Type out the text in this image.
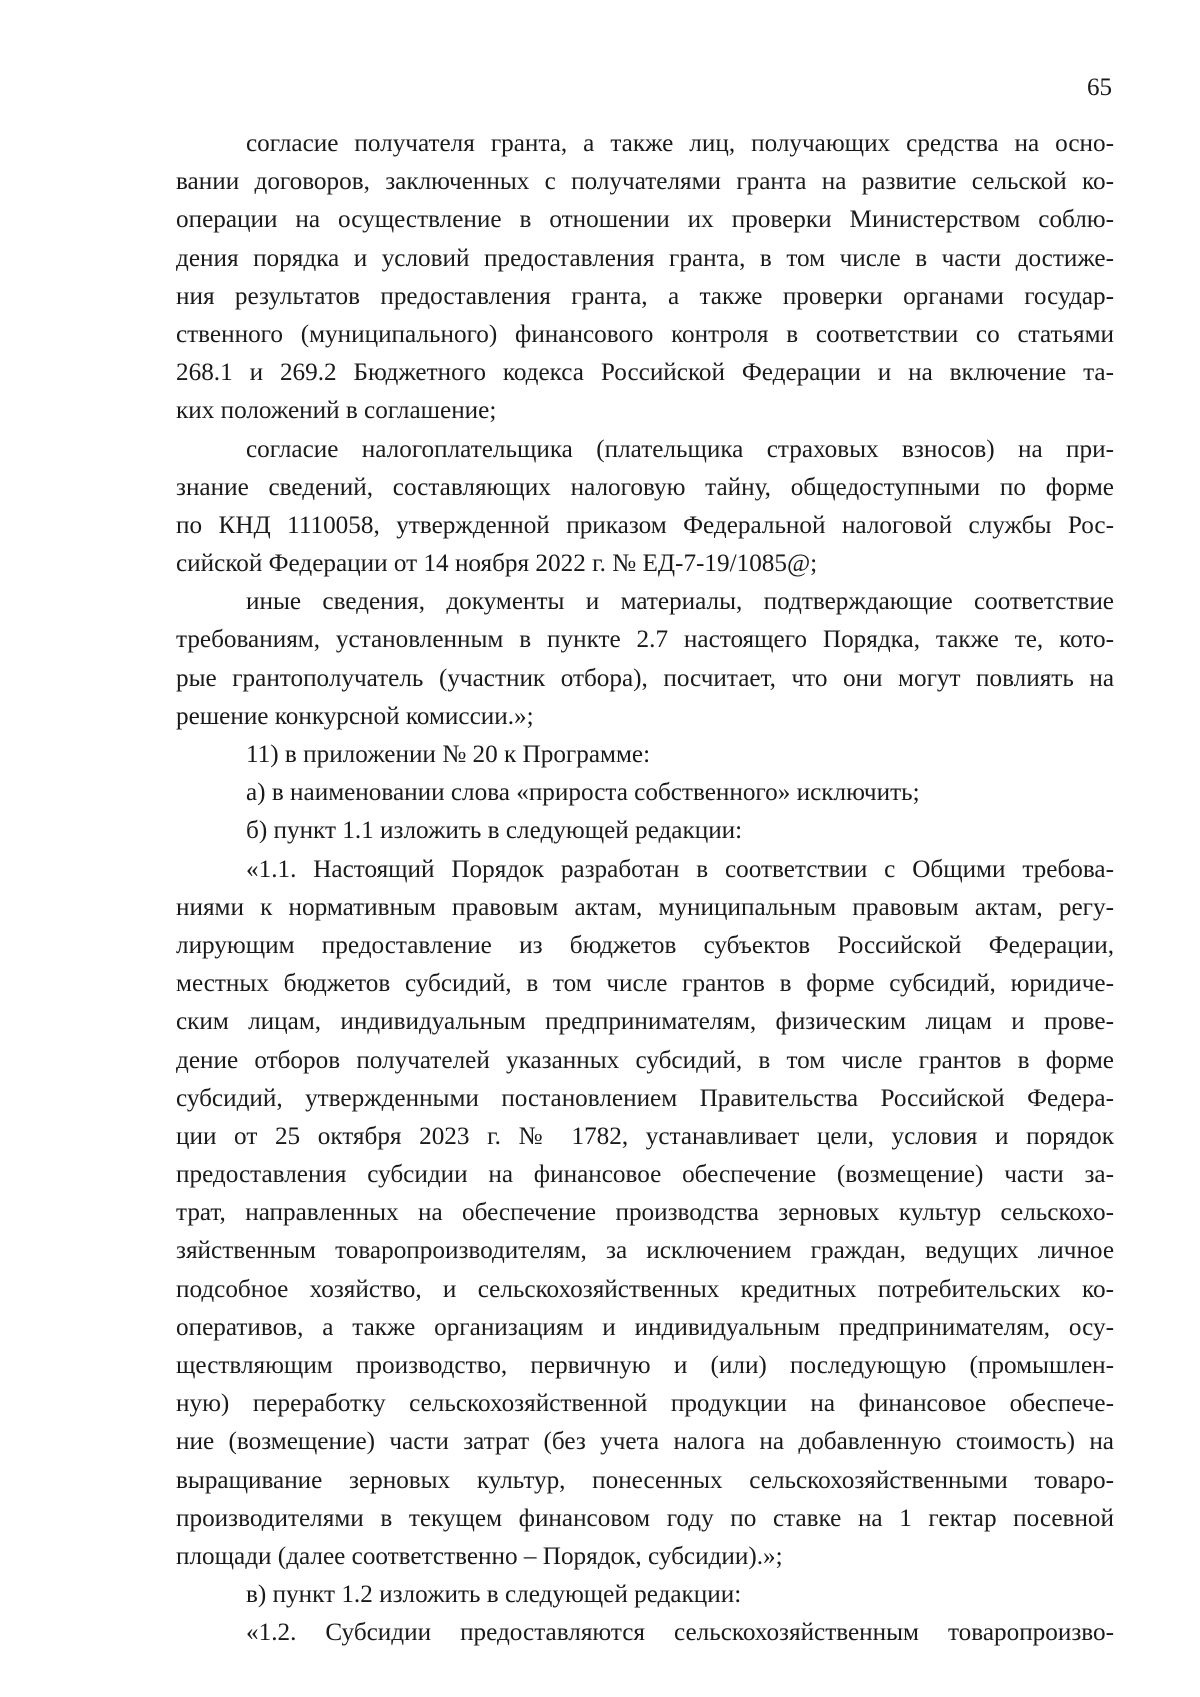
65
согласие получателя гранта, а также лиц, получающих средства на осно-
вании договоров, заключенных с получателями гранта на развитие сельской ко-
операции на осуществление в отношении их проверки Министерством соблю-
дения порядка и условий предоставления гранта, в том числе в части достиже-
ния результатов предоставления гранта, а также проверки органами государ-
ственного (муниципального) финансового контроля в соответствии со статьями
268.1 и 269.2 Бюджетного кодекса Российской Федерации и на включение та-
ких положений в соглашение;
согласие налогоплательщика (плательщика страховых взносов) на при-
знание сведений, составляющих налоговую тайну, общедоступными по форме
по КНД 1110058, утвержденной приказом Федеральной налоговой службы Рос-
сийской Федерации от 14 ноября 2022 г. № ЕД-7-19/1085@;
иные сведения, документы и материалы, подтверждающие соответствие
требованиям, установленным в пункте 2.7 настоящего Порядка, также те, кото-
рые грантополучатель (участник отбора), посчитает, что они могут повлиять на
решение конкурсной комиссии.»;
11) в приложении № 20 к Программе:
а) в наименовании слова «прироста собственного» исключить;
б) пункт 1.1 изложить в следующей редакции:
«1.1. Настоящий Порядок разработан в соответствии с Общими требова-
ниями к нормативным правовым актам, муниципальным правовым актам, регу-
лирующим предоставление из бюджетов субъектов Российской Федерации,
местных бюджетов субсидий, в том числе грантов в форме субсидий, юридиче-
ским лицам, индивидуальным предпринимателям, физическим лицам и прове-
дение отборов получателей указанных субсидий, в том числе грантов в форме
субсидий, утвержденными постановлением Правительства Российской Федера-
ции от 25 октября 2023 г. № 1782, устанавливает цели, условия и порядок
предоставления субсидии на финансовое обеспечение (возмещение) части за-
трат, направленных на обеспечение производства зерновых культур сельскохо-
зяйственным товаропроизводителям, за исключением граждан, ведущих личное
подсобное хозяйство, и сельскохозяйственных кредитных потребительских ко-
оперативов, а также организациям и индивидуальным предпринимателям, осу-
ществляющим производство, первичную и (или) последующую (промышлен-
ную) переработку сельскохозяйственной продукции на финансовое обеспече-
ние (возмещение) части затрат (без учета налога на добавленную стоимость) на
выращивание зерновых культур, понесенных сельскохозяйственными товаро-
производителями в текущем финансовом году по ставке на 1 гектар посевной
площади (далее соответственно – Порядок, субсидии).»;
в) пункт 1.2 изложить в следующей редакции:
«1.2. Субсидии предоставляются сельскохозяйственным товаропроизво-
